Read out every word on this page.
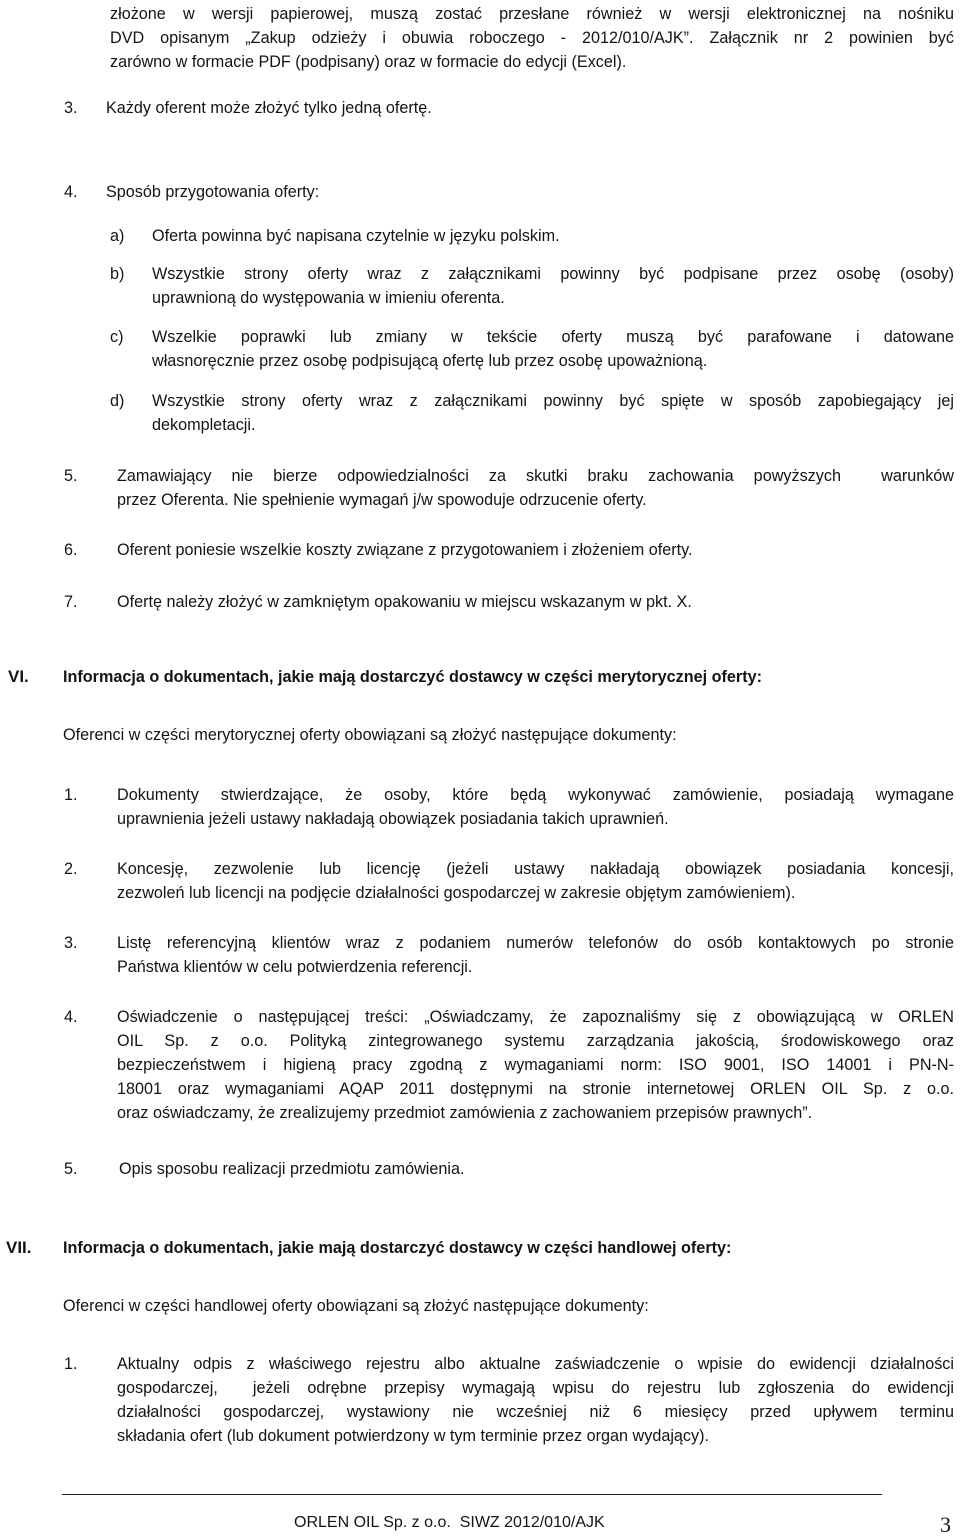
złożone w wersji papierowej, muszą zostać przesłane również w wersji elektronicznej na nośniku
DVD opisanym „Zakup odzieży i obuwia roboczego - 2012/010/AJK”. Załącznik nr 2 powinien być
zarówno w formacie PDF (podpisany) oraz w formacie do edycji (Excel).
3. Każdy oferent może złożyć tylko jedną ofertę.
4. Sposób przygotowania oferty:
a) Oferta powinna być napisana czytelnie w języku polskim.
b) Wszystkie strony oferty wraz z załącznikami powinny być podpisane przez osobę (osoby)
uprawnioną do występowania w imieniu oferenta.
c) Wszelkie poprawki lub zmiany w tekście oferty muszą być parafowane i datowane
własnoręcznie przez osobę podpisującą ofertę lub przez osobę upoważnioną.
d) Wszystkie strony oferty wraz z załącznikami powinny być spięte w sposób zapobiegający jej
dekompletacji.
5. Zamawiający nie bierze odpowiedzialności za skutki braku zachowania powyższych  warunków
przez Oferenta. Nie spełnienie wymagań j/w spowoduje odrzucenie oferty.
6. Oferent poniesie wszelkie koszty związane z przygotowaniem i złożeniem oferty.
7. Ofertę należy złożyć w zamkniętym opakowaniu w miejscu wskazanym w pkt. X.
VI. Informacja o dokumentach, jakie mają dostarczyć dostawcy w części merytorycznej oferty:
Oferenci w części merytorycznej oferty obowiązani są złożyć następujące dokumenty:
1. Dokumenty stwierdzające, że osoby, które będą wykonywać zamówienie, posiadają wymagane
uprawnienia jeżeli ustawy nakładają obowiązek posiadania takich uprawnień.
2. Koncesję, zezwolenie lub licencję (jeżeli ustawy nakładają obowiązek posiadania koncesji,
zezwoleń lub licencji na podjęcie działalności gospodarczej w zakresie objętym zamówieniem).
3. Listę referencyjną klientów wraz z podaniem numerów telefonów do osób kontaktowych po stronie
Państwa klientów w celu potwierdzenia referencji.
4. Oświadczenie o następującej treści: „Oświadczamy, że zapoznaliśmy się z obowiązującą w ORLEN
OIL Sp. z o.o. Polityką zintegrowanego systemu zarządzania jakością, środowiskowego oraz
bezpieczeństwem i higieną pracy zgodną z wymaganiami norm: ISO 9001, ISO 14001 i PN-N-
18001 oraz wymaganiami AQAP 2011 dostępnymi na stronie internetowej ORLEN OIL Sp. z o.o.
oraz oświadczamy, że zrealizujemy przedmiot zamówienia z zachowaniem przepisów prawnych”.
5.	Opis sposobu realizacji przedmiotu zamówienia.
VII. Informacja o dokumentach, jakie mają dostarczyć dostawcy w części handlowej oferty:
Oferenci w części handlowej oferty obowiązani są złożyć następujące dokumenty:
1. Aktualny odpis z właściwego rejestru albo aktualne zaświadczenie o wpisie do ewidencji działalności
gospodarczej,  jeżeli odrębne przepisy wymagają wpisu do rejestru lub zgłoszenia do ewidencji
działalności gospodarczej, wystawiony nie wcześniej niż 6 miesięcy przed upływem terminu
składania ofert (lub dokument potwierdzony w tym terminie przez organ wydający).
ORLEN OIL Sp. z o.o.  SIWZ 2012/010/AJK	3
